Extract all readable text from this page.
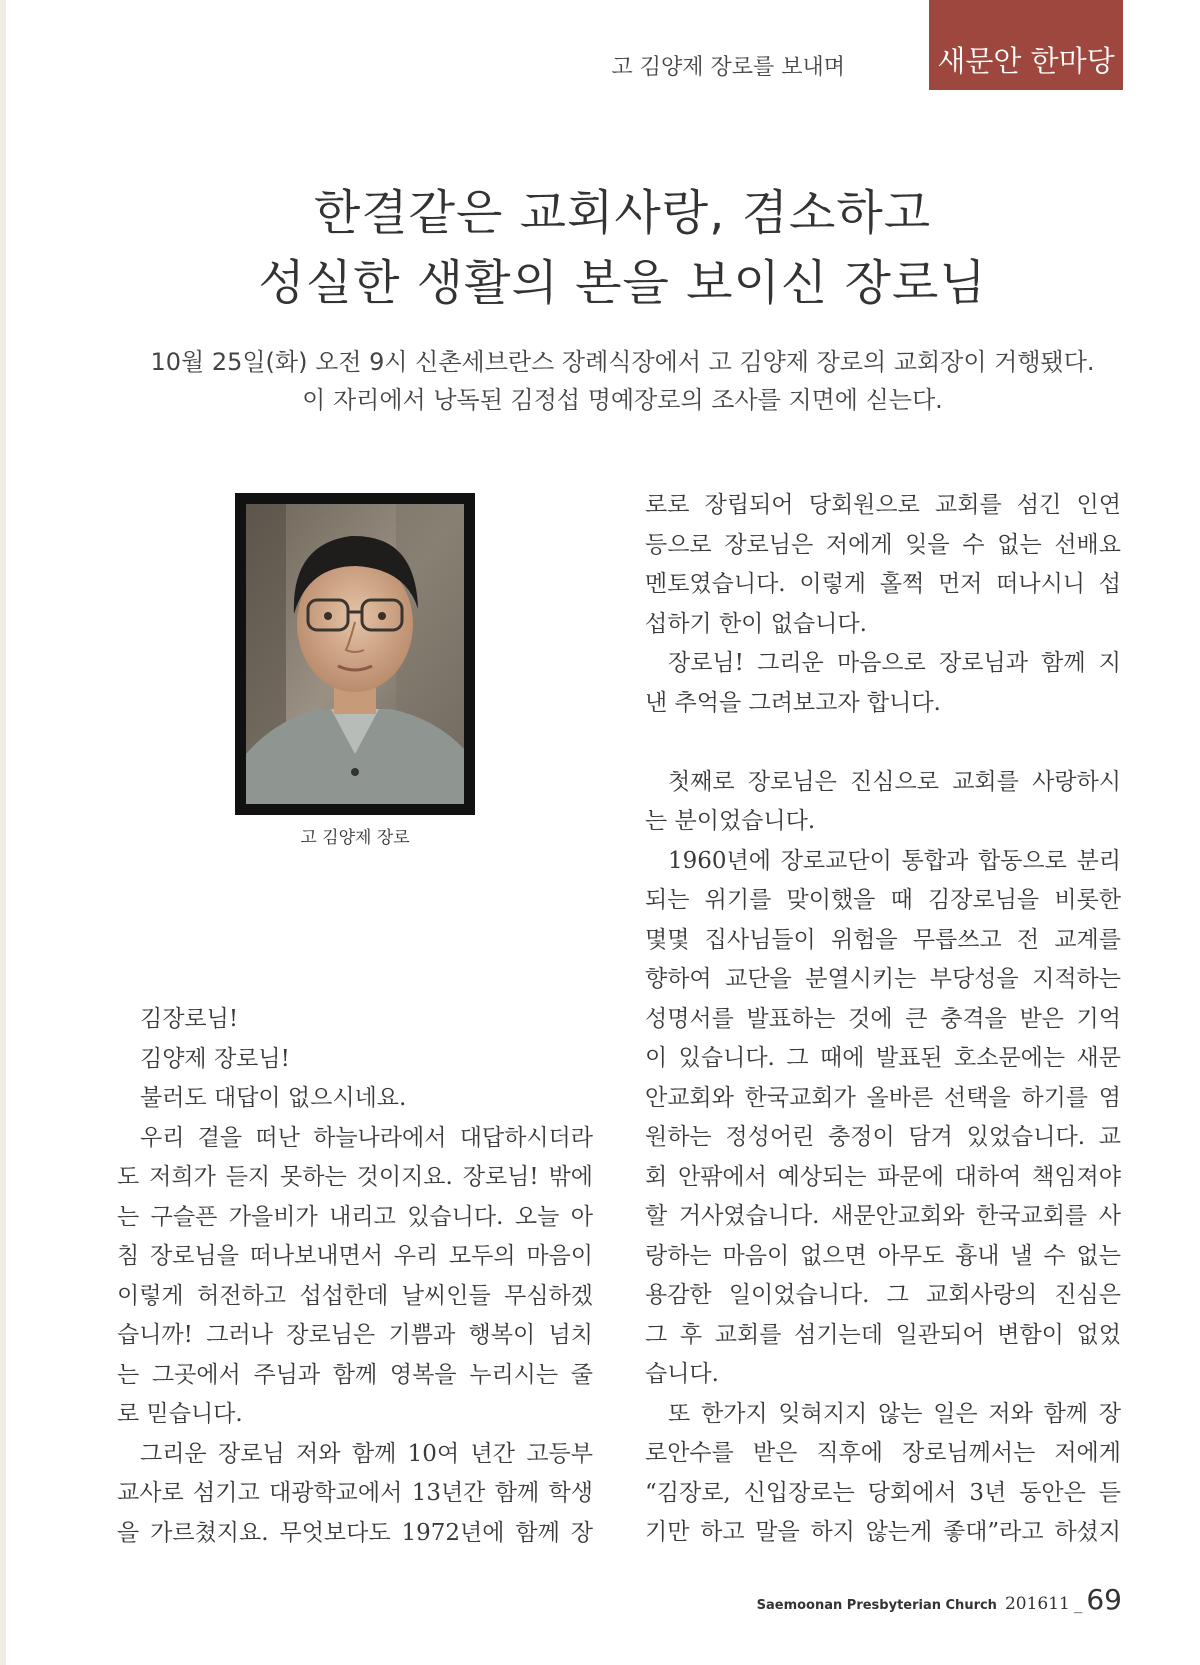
고 김양제 장로를 보내며	새문안 한마당
한결같은 교회사랑, 겸소하고
성실한 생활의 본을 보이신 장로님
10월 25일(화) 오전 9시 신촌세브란스 장례식장에서 고 김양제 장로의 교회장이 거행됐다.
이 자리에서 낭독된 김정섭 명예장로의 조사를 지면에 싣는다.
고 김양제 장로
김장로님!
김양제 장로님!
불러도 대답이 없으시네요.
우리 곁을 떠난 하늘나라에서 대답하시더라
도 저희가 듣지 못하는 것이지요. 장로님! 밖에
는 구슬픈 가을비가 내리고 있습니다. 오늘 아
침 장로님을 떠나보내면서 우리 모두의 마음이
이렇게 허전하고 섭섭한데 날씨인들 무심하겠
습니까! 그러나 장로님은 기쁨과 행복이 넘치
는 그곳에서 주님과 함께 영복을 누리시는 줄
로 믿습니다.
그리운 장로님 저와 함께 10여 년간 고등부
교사로 섬기고 대광학교에서 13년간 함께 학생
을 가르쳤지요. 무엇보다도 1972년에 함께 장
로로 장립되어 당회원으로 교회를 섬긴 인연
등으로 장로님은 저에게 잊을 수 없는 선배요
멘토였습니다. 이렇게 홀쩍 먼저 떠나시니 섭
섭하기 한이 없습니다.
장로님! 그리운 마음으로 장로님과 함께 지
낸 추억을 그려보고자 합니다.
첫째로 장로님은 진심으로 교회를 사랑하시
는 분이었습니다.
1960년에 장로교단이 통합과 합동으로 분리
되는 위기를 맞이했을 때 김장로님을 비롯한
몇몇 집사님들이 위험을 무릅쓰고 전 교계를
향하여 교단을 분열시키는 부당성을 지적하는
성명서를 발표하는 것에 큰 충격을 받은 기억
이 있습니다. 그 때에 발표된 호소문에는 새문
안교회와 한국교회가 올바른 선택을 하기를 염
원하는 정성어린 충정이 담겨 있었습니다. 교
회 안팎에서 예상되는 파문에 대하여 책임져야
할 거사였습니다. 새문안교회와 한국교회를 사
랑하는 마음이 없으면 아무도 흉내 낼 수 없는
용감한 일이었습니다. 그 교회사랑의 진심은
그 후 교회를 섬기는데 일관되어 변함이 없었
습니다.
또 한가지 잊혀지지 않는 일은 저와 함께 장
로안수를 받은 직후에 장로님께서는 저에게
“김장로, 신입장로는 당회에서 3년 동안은 듣
기만 하고 말을 하지 않는게 좋대”라고 하셨지
Saemoonan Presbyterian Church 201611 _ 69
